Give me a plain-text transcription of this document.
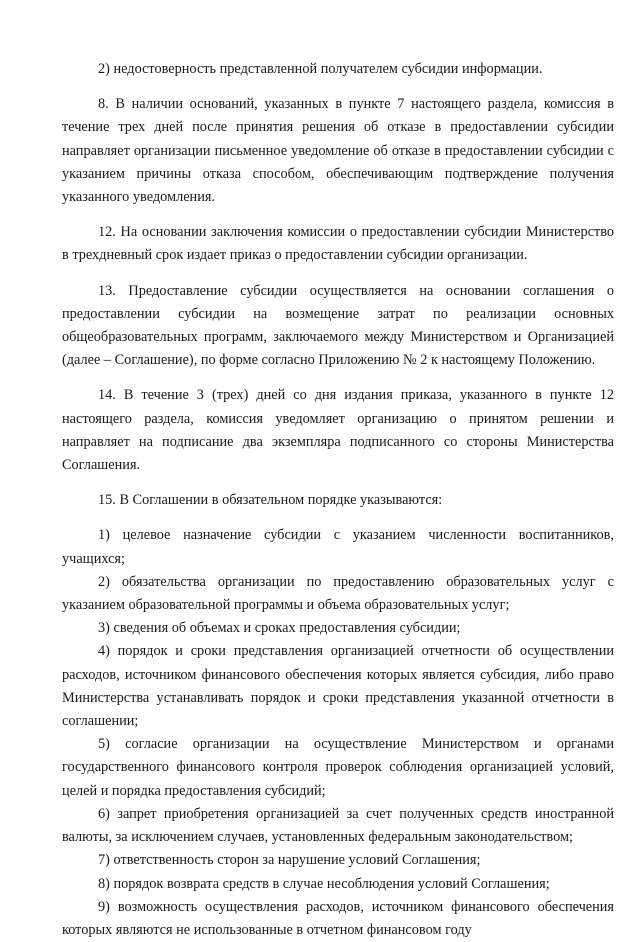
2) недостоверность представленной получателем субсидии информации.

8. В наличии оснований, указанных в пункте 7 настоящего раздела, комиссия в течение трех дней после принятия решения об отказе в предоставлении субсидии направляет организации письменное уведомление об отказе в предоставлении субсидии с указанием причины отказа способом, обеспечивающим подтверждение получения указанного уведомления.

12. На основании заключения комиссии о предоставлении субсидии Министерство в трехдневный срок издает приказ о предоставлении субсидии организации.

13. Предоставление субсидии осуществляется на основании соглашения о предоставлении субсидии на возмещение затрат по реализации основных общеобразовательных программ, заключаемого между Министерством и Организацией (далее – Соглашение), по форме согласно Приложению № 2 к настоящему Положению.

14. В течение 3 (трех) дней со дня издания приказа, указанного в пункте 12 настоящего раздела, комиссия уведомляет организацию о принятом решении и направляет на подписание два экземпляра подписанного со стороны Министерства Соглашения.

15. В Соглашении в обязательном порядке указываются:

1) целевое назначение субсидии с указанием численности воспитанников, учащихся;

2) обязательства организации по предоставлению образовательных услуг с указанием образовательной программы и объема образовательных услуг;

3) сведения об объемах и сроках предоставления субсидии;

4) порядок и сроки представления организацией отчетности об осуществлении расходов, источником финансового обеспечения которых является субсидия, либо право Министерства устанавливать порядок и сроки представления указанной отчетности в соглашении;

5) согласие организации на осуществление Министерством и органами государственного финансового контроля проверок соблюдения организацией условий, целей и порядка предоставления субсидий;

6) запрет приобретения организацией за счет полученных средств иностранной валюты, за исключением случаев, установленных федеральным законодательством;

7) ответственность сторон за нарушение условий Соглашения;

8) порядок возврата средств в случае несоблюдения условий Соглашения;

9) возможность осуществления расходов, источником финансового обеспечения которых являются не использованные в отчетном финансовом году
